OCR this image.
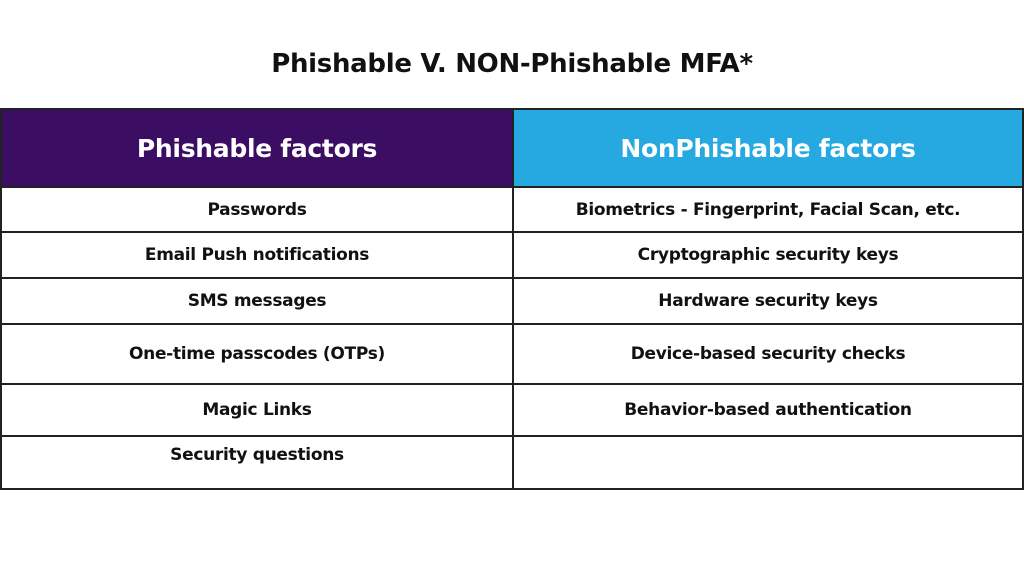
Phishable V. NON-Phishable MFA*
Phishable factors	NonPhishable factors
Passwords	Biometrics - Fingerprint, Facial Scan, etc.
Email Push notifications	Cryptographic security keys
SMS messages	Hardware security keys
One-time passcodes (OTPs)	Device-based security checks
Magic Links	Behavior-based authentication
Security questions	
